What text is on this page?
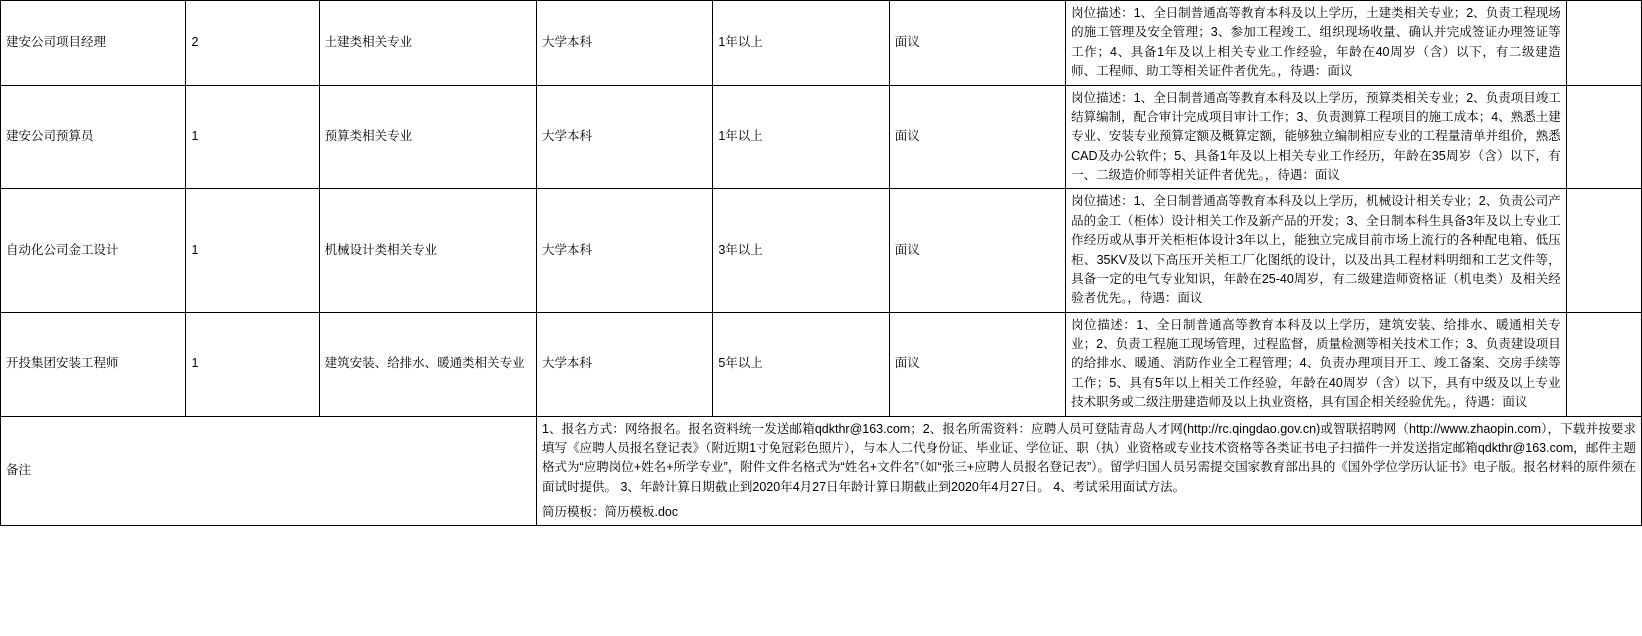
建安公司项目经理	2	土建类相关专业	大学本科	1年以上	面议	岗位描述：1、全日制普通高等教育本科及以上学历，土建类相关专业；2、负责工程现场的施工管理及安全管理；3、参加工程竣工、组织现场收量、确认并完成签证办理签证等工作；4、具备1年及以上相关专业工作经验，年龄在40周岁（含）以下，有二级建造师、工程师、助工等相关证件者优先。，待遇：面议	
建安公司预算员	1	预算类相关专业	大学本科	1年以上	面议	岗位描述：1、全日制普通高等教育本科及以上学历，预算类相关专业；2、负责项目竣工结算编制，配合审计完成项目审计工作；3、负责测算工程项目的施工成本；4、熟悉土建专业、安装专业预算定额及概算定额，能够独立编制相应专业的工程量清单并组价，熟悉CAD及办公软件；5、具备1年及以上相关专业工作经历，年龄在35周岁（含）以下，有一、二级造价师等相关证件者优先。，待遇：面议	
自动化公司金工设计	1	机械设计类相关专业	大学本科	3年以上	面议	岗位描述：1、全日制普通高等教育本科及以上学历，机械设计相关专业；2、负责公司产品的金工（柜体）设计相关工作及新产品的开发；3、全日制本科生具备3年及以上专业工作经历或从事开关柜柜体设计3年以上，能独立完成目前市场上流行的各种配电箱、低压柜、35KV及以下高压开关柜工厂化图纸的设计，以及出具工程材料明细和工艺文件等，具备一定的电气专业知识，年龄在25-40周岁，有二级建造师资格证（机电类）及相关经验者优先。，待遇：面议	
开投集团安装工程师	1	建筑安装、给排水、暖通类相关专业	大学本科	5年以上	面议	岗位描述：1、全日制普通高等教育本科及以上学历，建筑安装、给排水、暖通相关专业；2、负责工程施工现场管理，过程监督，质量检测等相关技术工作；3、负责建设项目的给排水、暖通、消防作业全工程管理；4、负责办理项目开工、竣工备案、交房手续等工作；5、具有5年以上相关工作经验，年龄在40周岁（含）以下，具有中级及以上专业技术职务或二级注册建造师及以上执业资格，具有国企相关经验优先。，待遇：面议	
备注			1、报名方式：网络报名。报名资料统一发送邮箱qdkthr@163.com；2、报名所需资料：应聘人员可登陆青岛人才网(http://rc.qingdao.gov.cn)或智联招聘网（http://www.zhaopin.com），下载并按要求填写《应聘人员报名登记表》（附近期1寸免冠彩色照片），与本人二代身份证、毕业证、学位证、职（执）业资格或专业技术资格等各类证书电子扫描件一并发送指定邮箱qdkthr@163.com，邮件主题格式为“应聘岗位+姓名+所学专业”，附件文件名格式为“姓名+文件名”（如“张三+应聘人员报名登记表”）。留学归国人员另需提交国家教育部出具的《国外学位学历认证书》电子版。报名材料的原件须在面试时提供。 3、年龄计算日期截止到2020年4月27日年龄计算日期截止到2020年4月27日。 4、考试采用面试方法。
简历模板：简历模板.doc				
